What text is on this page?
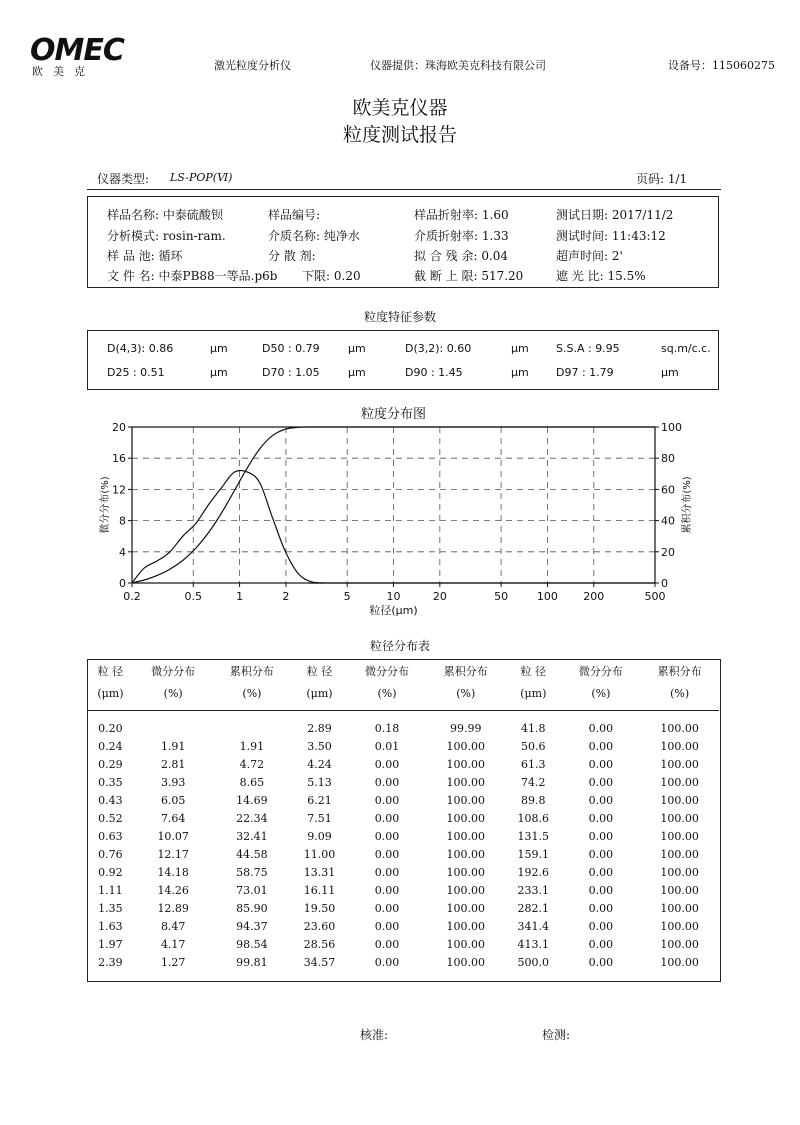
OMEC
欧美克	激光粒度分析仪	仪器提供：珠海欧美克科技有限公司	设备号：115060275
欧美克仪器
粒度测试报告
仪器类型: LS-POP(Ⅵ)	页码: 1/1
样品名称: 中泰硫酸钡	样品编号:	样品折射率: 1.60	测试日期: 2017/11/2
分析模式: rosin-ram.	介质名称: 纯净水	介质折射率: 1.33	测试时间: 11:43:12
样 品 池: 循环	分 散 剂:	拟 合 残 余: 0.04	超声时间: 2'
文 件 名: 中泰PB88一等品.p6b 下限: 0.20	截 断 上 限: 517.20	遮 光 比: 15.5%
粒度特征参数
D(4,3): 0.86	μm	D50 : 0.79	μm	D(3,2): 0.60	μm S.S.A : 9.95	sq.m/c.c.
D25 : 0.51	μm	D70 : 1.05	μm	D90 : 1.45	μm D97 : 1.79	μm
粒度分布图
0.2	0.5	1	2	5	10	20	50	100 200	500
0
4
8
12
16
20
0
20
40
60
80
100
粒径(μm)
微分分布(%)	累积分布(%)
粒径分布表
粒 径	微分分布	累积分布	粒 径	微分分布	累积分布	粒 径	微分分布	累积分布
(μm)	(%)	(%)	(μm)	(%)	(%)	(μm)	(%)	(%)
0.20			2.89	0.18	99.99	41.8	0.00	100.00
0.24	1.91	1.91	3.50	0.01	100.00	50.6	0.00	100.00
0.29	2.81	4.72	4.24	0.00	100.00	61.3	0.00	100.00
0.35	3.93	8.65	5.13	0.00	100.00	74.2	0.00	100.00
0.43	6.05	14.69	6.21	0.00	100.00	89.8	0.00	100.00
0.52	7.64	22.34	7.51	0.00	100.00	108.6	0.00	100.00
0.63	10.07	32.41	9.09	0.00	100.00	131.5	0.00	100.00
0.76	12.17	44.58	11.00	0.00	100.00	159.1	0.00	100.00
0.92	14.18	58.75	13.31	0.00	100.00	192.6	0.00	100.00
1.11	14.26	73.01	16.11	0.00	100.00	233.1	0.00	100.00
1.35	12.89	85.90	19.50	0.00	100.00	282.1	0.00	100.00
1.63	8.47	94.37	23.60	0.00	100.00	341.4	0.00	100.00
1.97	4.17	98.54	28.56	0.00	100.00	413.1	0.00	100.00
2.39	1.27	99.81	34.57	0.00	100.00	500.0	0.00	100.00
核准:	检测:
